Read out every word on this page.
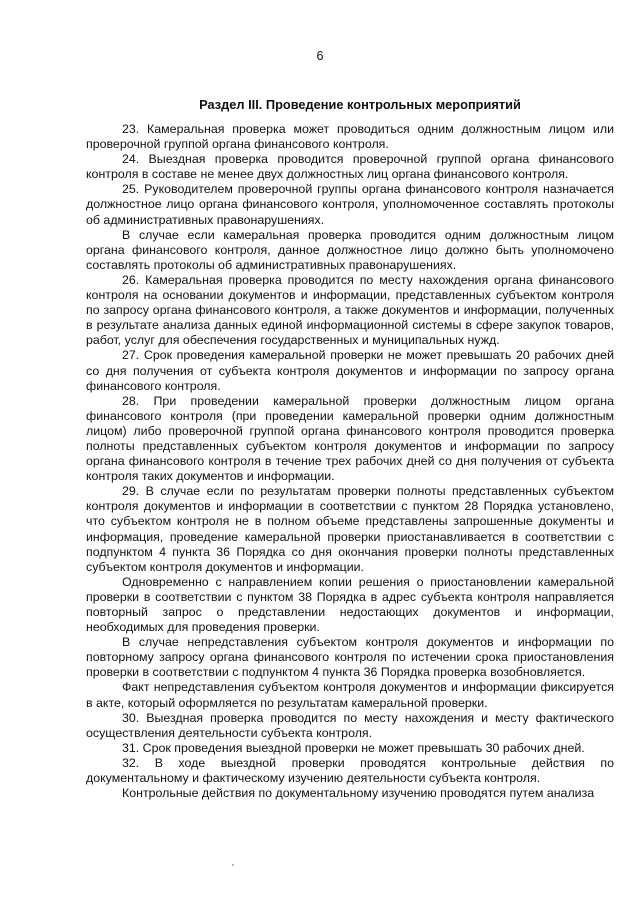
6
Раздел III. Проведение контрольных мероприятий

23. Камеральная проверка может проводиться одним должностным лицом или проверочной группой органа финансового контроля.

24. Выездная проверка проводится проверочной группой органа финансового контроля в составе не менее двух должностных лиц органа финансового контроля.

25. Руководителем проверочной группы органа финансового контроля назначается должностное лицо органа финансового контроля, уполномоченное составлять протоколы об административных правонарушениях.

В случае если камеральная проверка проводится одним должностным лицом органа финансового контроля, данное должностное лицо должно быть уполномочено составлять протоколы об административных правонарушениях.

26. Камеральная проверка проводится по месту нахождения органа финансового контроля на основании документов и информации, представленных субъектом контроля по запросу органа финансового контроля, а также документов и информации, полученных в результате анализа данных единой информационной системы в сфере закупок товаров, работ, услуг для обеспечения государственных и муниципальных нужд.

27. Срок проведения камеральной проверки не может превышать 20 рабочих дней со дня получения от субъекта контроля документов и информации по запросу органа финансового контроля.

28. При проведении камеральной проверки должностным лицом органа финансового контроля (при проведении камеральной проверки одним должностным лицом) либо проверочной группой органа финансового контроля проводится проверка полноты представленных субъектом контроля документов и информации по запросу органа финансового контроля в течение трех рабочих дней со дня получения от субъекта контроля таких документов и информации.

29. В случае если по результатам проверки полноты представленных субъектом контроля документов и информации в соответствии с пунктом 28 Порядка установлено, что субъектом контроля не в полном объеме представлены запрошенные документы и информация, проведение камеральной проверки приостанавливается в соответствии с подпунктом 4 пункта 36 Порядка со дня окончания проверки полноты представленных субъектом контроля документов и информации.

Одновременно с направлением копии решения о приостановлении камеральной проверки в соответствии с пунктом 38 Порядка в адрес субъекта контроля направляется повторный запрос о представлении недостающих документов и информации, необходимых для проведения проверки.

В случае непредставления субъектом контроля документов и информации по повторному запросу органа финансового контроля по истечении срока приостановления проверки в соответствии с подпунктом 4 пункта 36 Порядка проверка возобновляется.

Факт непредставления субъектом контроля документов и информации фиксируется в акте, который оформляется по результатам камеральной проверки.

30. Выездная проверка проводится по месту нахождения и месту фактического осуществления деятельности субъекта контроля.

31. Срок проведения выездной проверки не может превышать 30 рабочих дней.

32. В ходе выездной проверки проводятся контрольные действия по документальному и фактическому изучению деятельности субъекта контроля.

Контрольные действия по документальному изучению проводятся путем анализа
